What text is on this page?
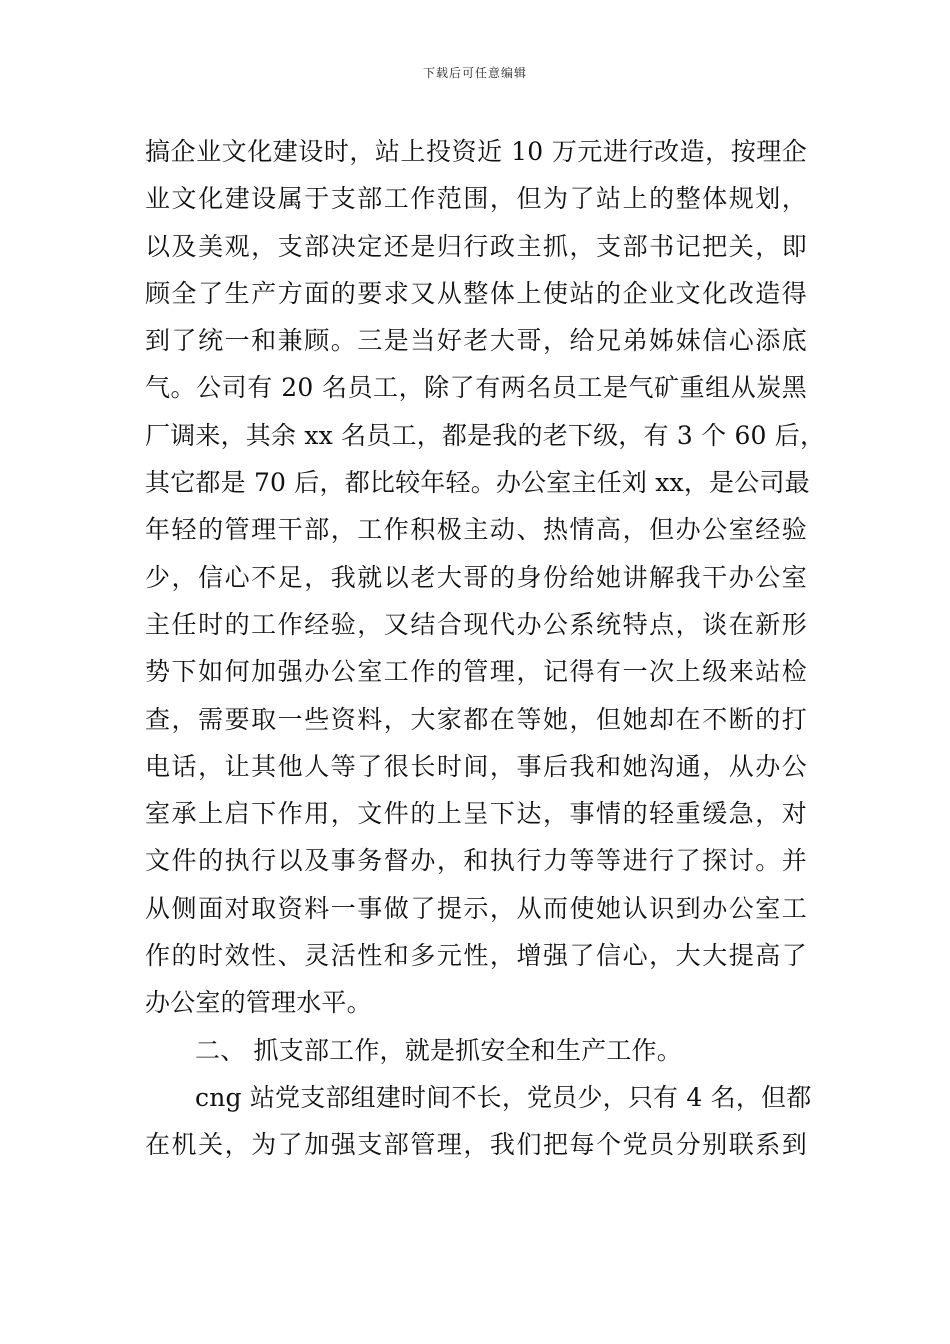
下载后可任意编辑
搞企业文化建设时，站上投资近 10 万元进行改造，按理企
业文化建设属于支部工作范围，但为了站上的整体规划，
以及美观，支部决定还是归行政主抓，支部书记把关，即
顾全了生产方面的要求又从整体上使站的企业文化改造得
到了统一和兼顾。三是当好老大哥，给兄弟姊妹信心添底
气。公司有 20 名员工，除了有两名员工是气矿重组从炭黑
厂调来，其余 xx 名员工，都是我的老下级，有 3 个 60 后，
其它都是 70 后，都比较年轻。办公室主任刘 xx，是公司最
年轻的管理干部，工作积极主动、热情高，但办公室经验
少，信心不足，我就以老大哥的身份给她讲解我干办公室
主任时的工作经验，又结合现代办公系统特点，谈在新形
势下如何加强办公室工作的管理，记得有一次上级来站检
查，需要取一些资料，大家都在等她，但她却在不断的打
电话，让其他人等了很长时间，事后我和她沟通，从办公
室承上启下作用，文件的上呈下达，事情的轻重缓急，对
文件的执行以及事务督办，和执行力等等进行了探讨。并
从侧面对取资料一事做了提示，从而使她认识到办公室工
作的时效性、灵活性和多元性，增强了信心，大大提高了
办公室的管理水平。
二、 抓支部工作，就是抓安全和生产工作。
cng 站党支部组建时间不长，党员少，只有 4 名，但都
在机关，为了加强支部管理，我们把每个党员分别联系到
